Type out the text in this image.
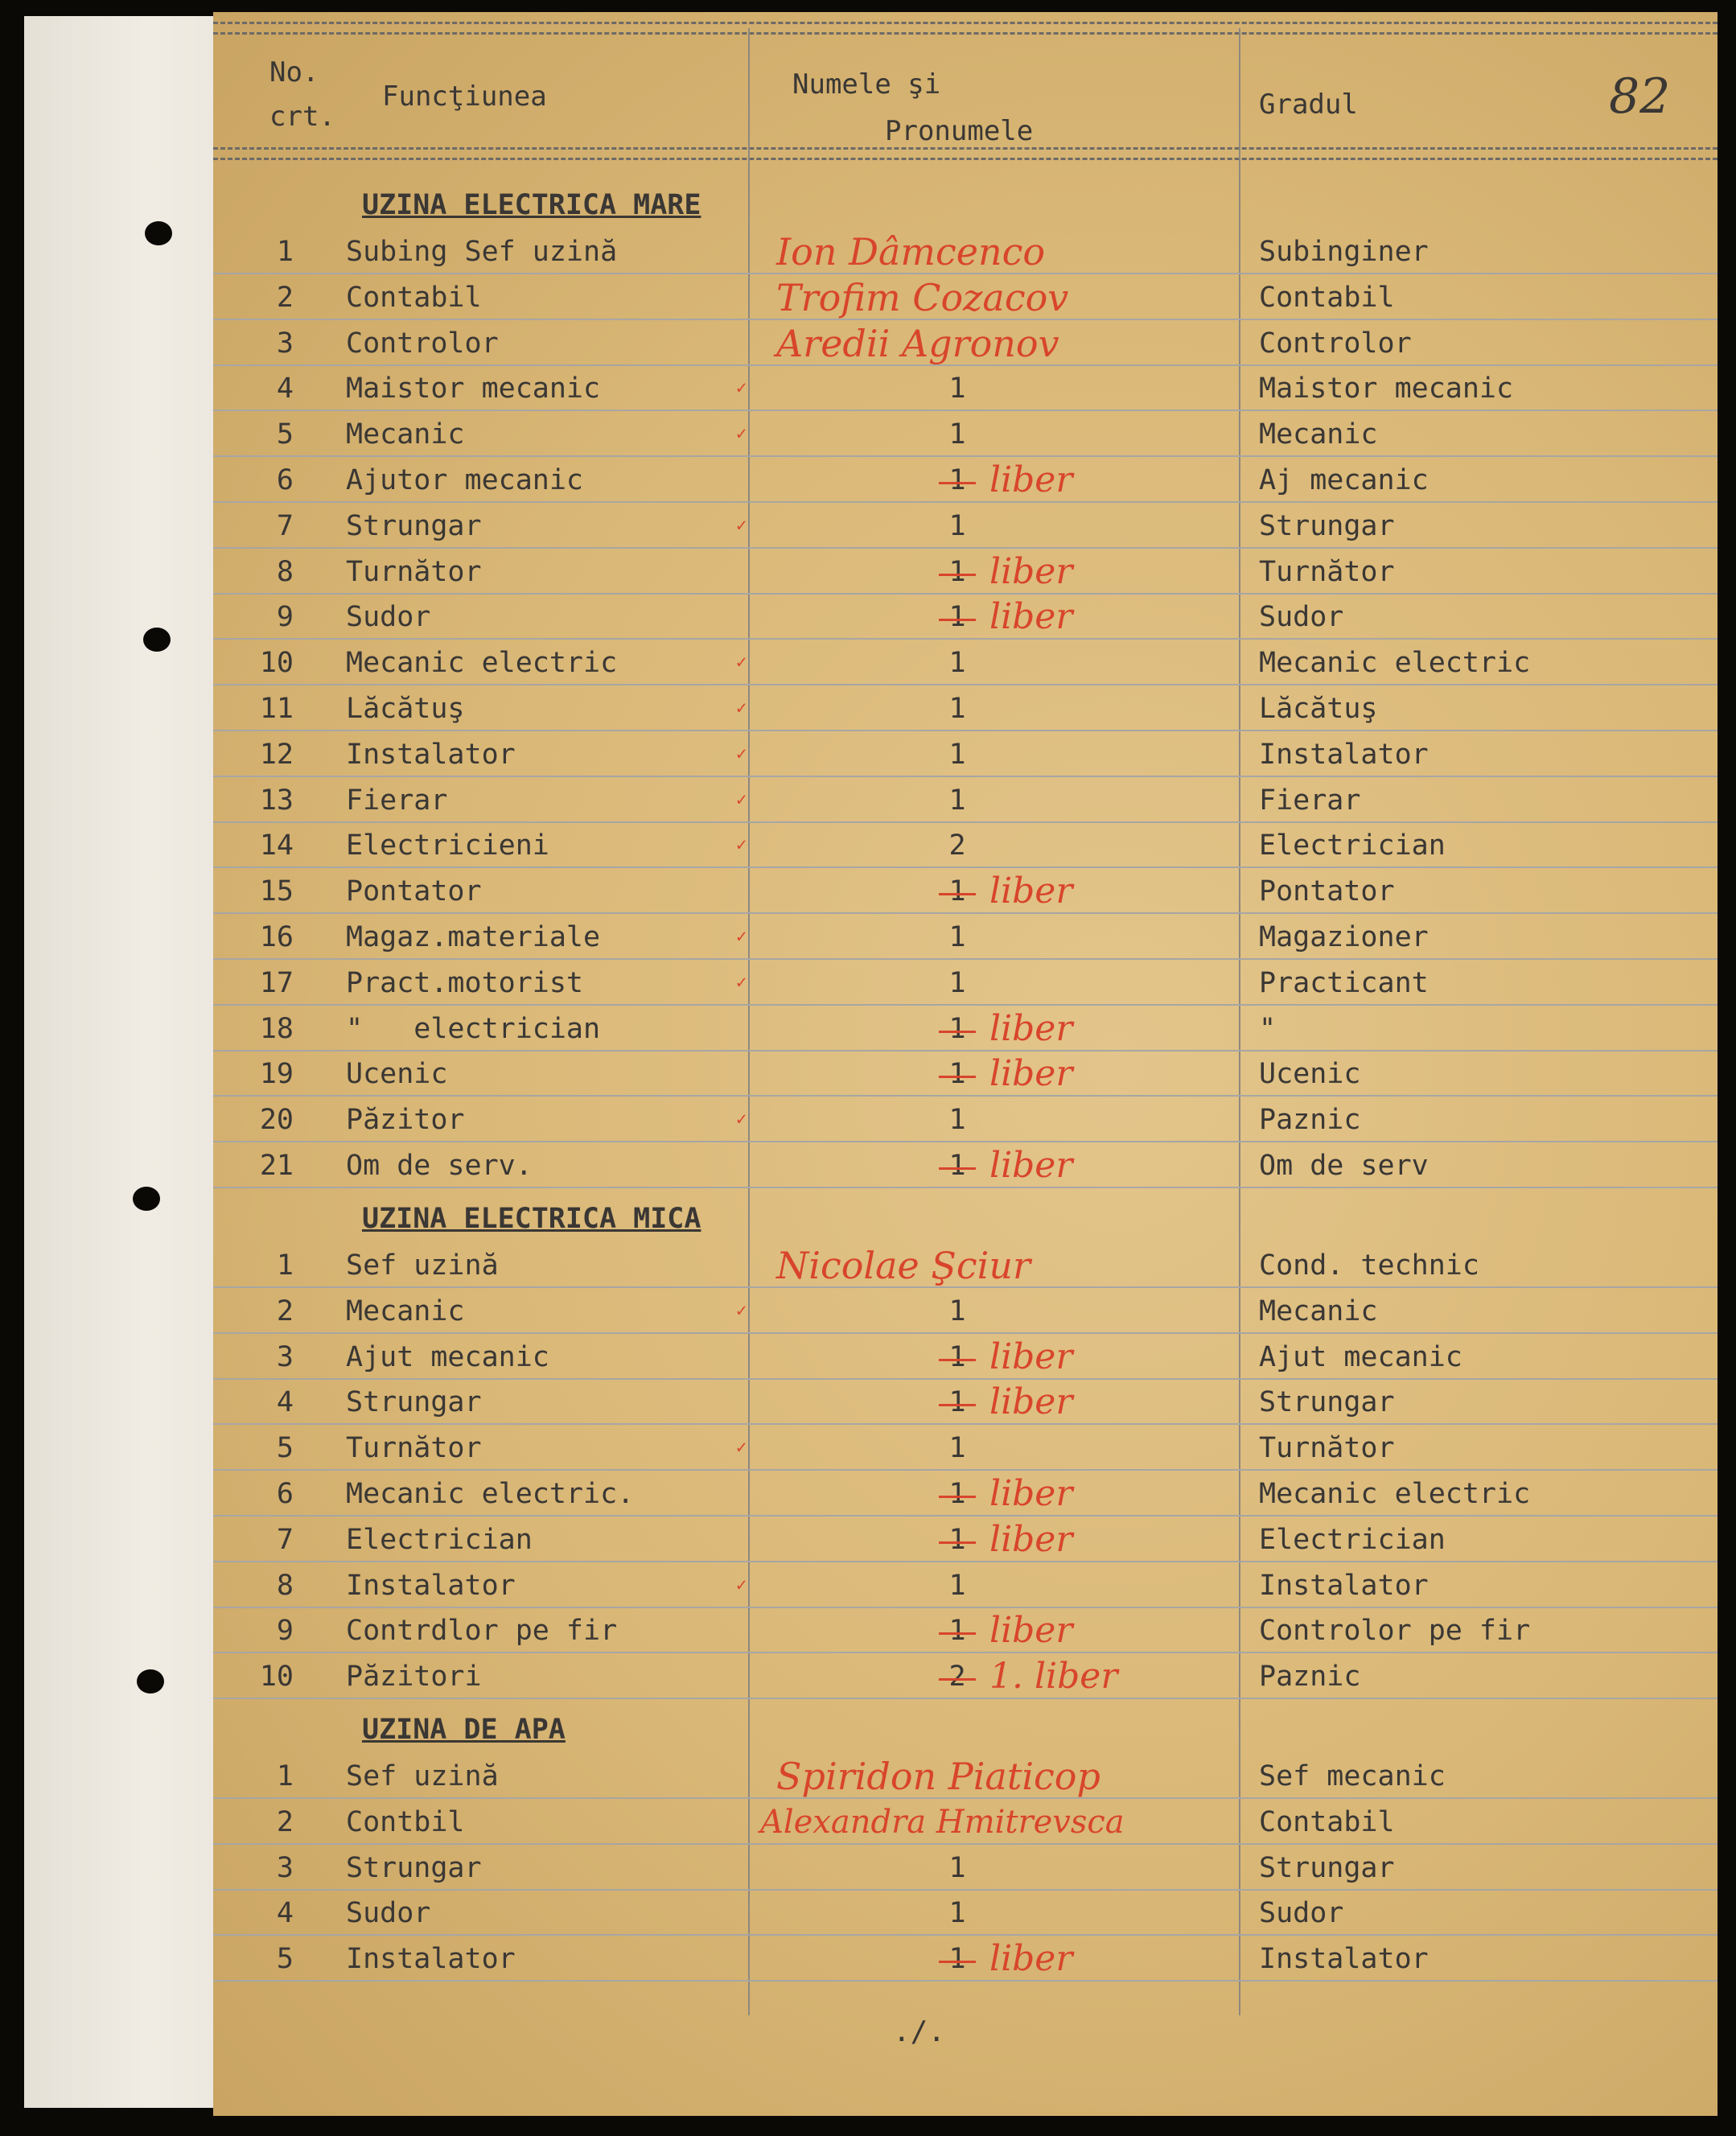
No.
crt.
Funcţiunea	Numele şi
Pronumele
Gradul	82
UZINA ELECTRICA MARE
1 Subing Sef uzină	Ion Dâmcenco	Subinginer
2 Contabil	Trofim Cozacov	Contabil
3 Controlor	Aredii Agronov	Controlor
4 Maistor mecanic	✓	1	Maistor mecanic
5 Mecanic	✓	1	Mecanic
6 Ajutor mecanic	1 liber	Aj mecanic
7 Strungar	✓	1	Strungar
8 Turnător	1 liber	Turnător
9 Sudor	1 liber	Sudor
10 Mecanic electric	✓	1	Mecanic electric
11 Lăcătuş	✓	1	Lăcătuş
12 Instalator	✓	1	Instalator
13 Fierar	✓	1	Fierar
14 Electricieni	✓	2	Electrician
15 Pontator	1 liber	Pontator
16 Magaz.materiale	✓	1	Magazioner
17 Pract.motorist	✓	1	Practicant
18 "   electrician	1 liber	"
19 Ucenic	1 liber	Ucenic
20 Păzitor	✓	1	Paznic
21 Om de serv.	1 liber	Om de serv
UZINA ELECTRICA MICA
1 Sef uzină	Nicolae Şciur	Cond. technic
2 Mecanic	✓	1	Mecanic
3 Ajut mecanic	1 liber	Ajut mecanic
4 Strungar	1 liber	Strungar
5 Turnător	✓	1	Turnător
6 Mecanic electric.	1 liber	Mecanic electric
7 Electrician	1 liber	Electrician
8 Instalator	✓	1	Instalator
9 Contrdlor pe fir	1 liber	Controlor pe fir
10 Păzitori	2 1. liber	Paznic
UZINA DE APA
1 Sef uzină	Spiridon Piaticop	Sef mecanic
2 Contbil	Alexandra Hmitrevsca	Contabil
3 Strungar	1	Strungar
4 Sudor	1	Sudor
5 Instalator	1 liber	Instalator
./.
